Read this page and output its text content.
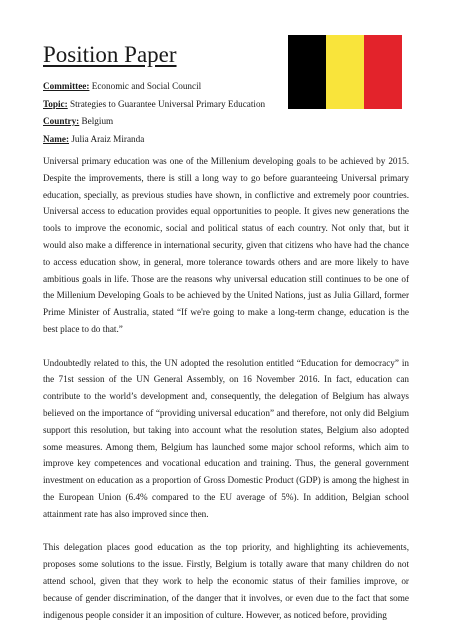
Position Paper
Committee: Economic and Social Council
Topic: Strategies to Guarantee Universal Primary Education
Country: Belgium
Name: Julia Araiz Miranda

Universal primary education was one of the Millenium developing goals to be achieved by 2015. Despite the improvements, there is still a long way to go before guaranteeing Universal primary education, specially, as previous studies have shown, in conflictive and extremely poor countries. Universal access to education provides equal opportunities to people. It gives new generations the tools to improve the economic, social and political status of each country. Not only that, but it would also make a difference in international security, given that citizens who have had the chance to access education show, in general, more tolerance towards others and are more likely to have ambitious goals in life. Those are the reasons why universal education still continues to be one of the Millenium Developing Goals to be achieved by the United Nations, just as Julia Gillard, former Prime Minister of Australia, stated “If we're going to make a long-term change, education is the best place to do that.”

Undoubtedly related to this, the UN adopted the resolution entitled “Education for democracy” in the 71st session of the UN General Assembly, on 16 November 2016. In fact, education can contribute to the world’s development and, consequently, the delegation of Belgium has always believed on the importance of “providing universal education” and therefore, not only did Belgium support this resolution, but taking into account what the resolution states, Belgium also adopted some measures. Among them, Belgium has launched some major school reforms, which aim to improve key competences and vocational education and training. Thus, the general government investment on education as a proportion of Gross Domestic Product (GDP) is among the highest in the European Union (6.4% compared to the EU average of 5%). In addition, Belgian school attainment rate has also improved since then.

This delegation places good education as the top priority, and highlighting its achievements, proposes some solutions to the issue. Firstly, Belgium is totally aware that many children do not attend school, given that they work to help the economic status of their families improve, or because of gender discrimination, of the danger that it involves, or even due to the fact that some indigenous people consider it an imposition of culture. However, as noticed before, providing
